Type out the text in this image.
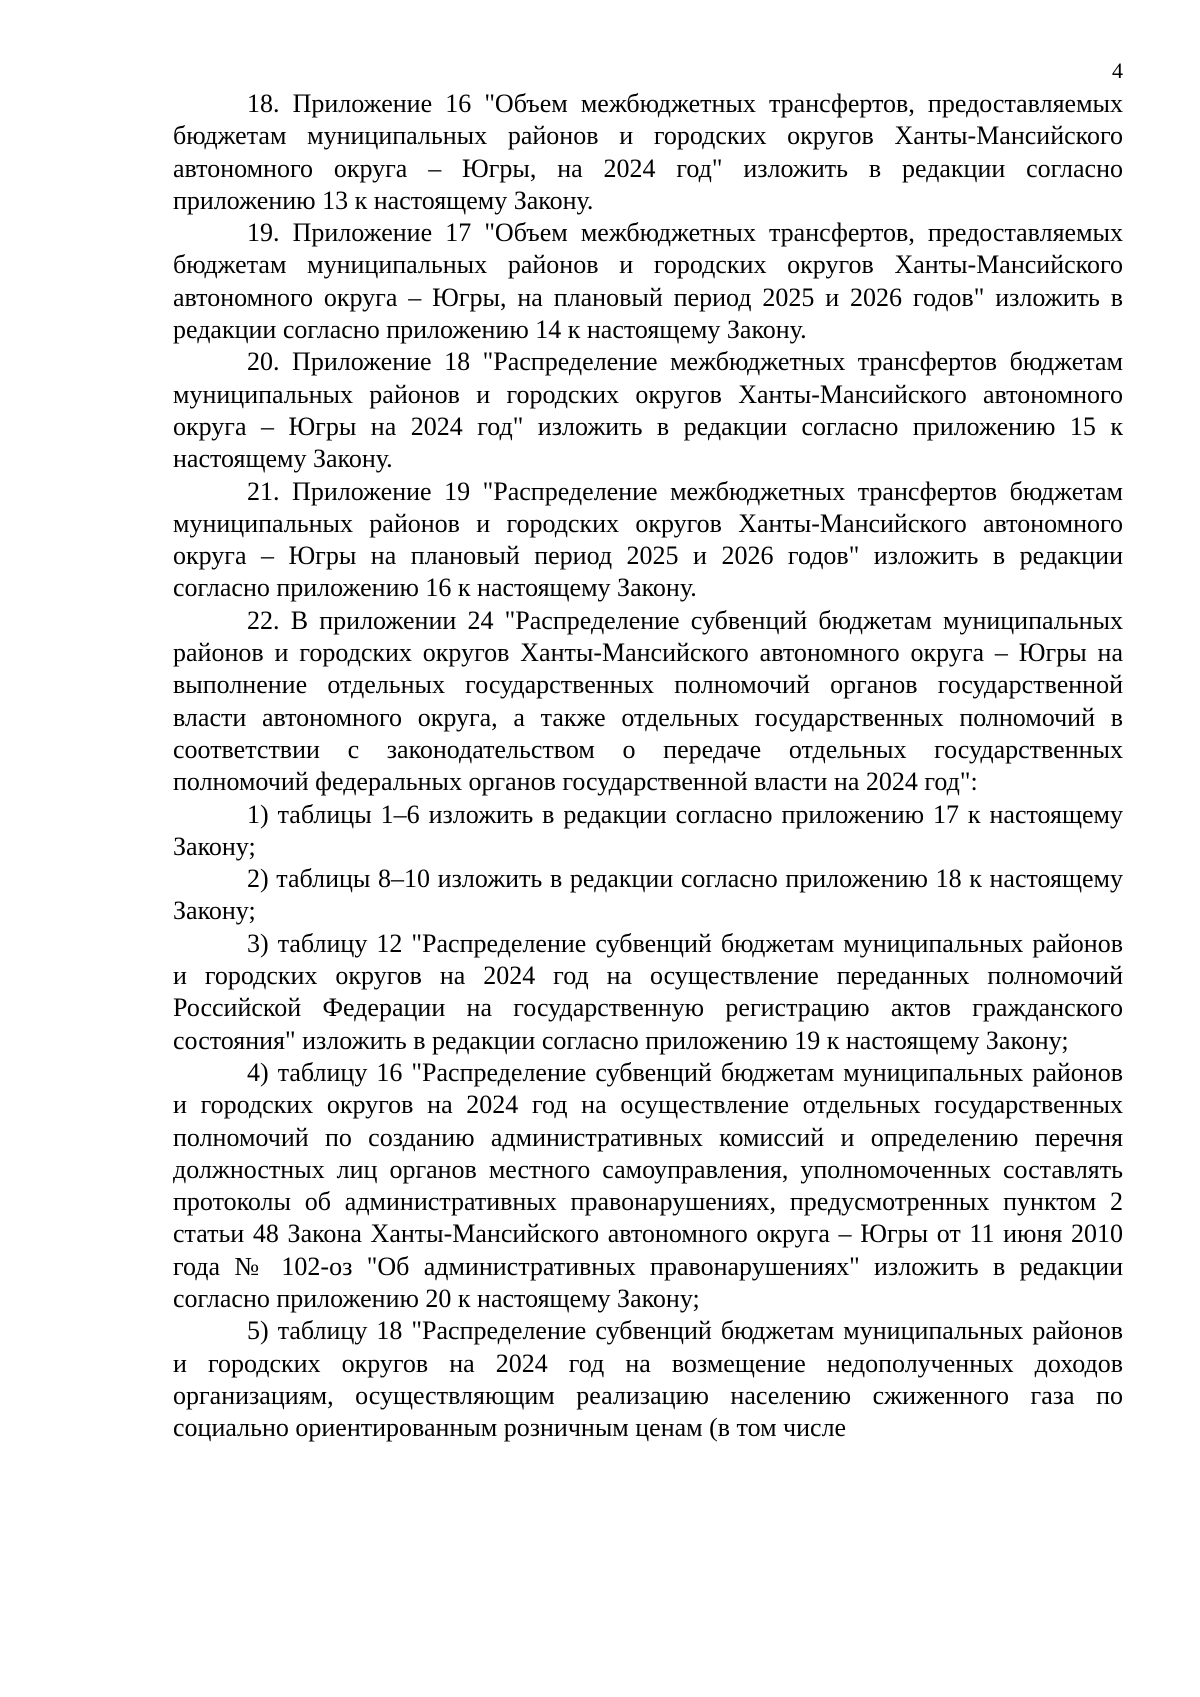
4

18. Приложение 16 "Объем межбюджетных трансфертов, предоставляемых бюджетам муниципальных районов и городских округов Ханты-Мансийского автономного округа – Югры, на 2024 год" изложить в редакции согласно приложению 13 к настоящему Закону.

19. Приложение 17 "Объем межбюджетных трансфертов, предоставляемых бюджетам муниципальных районов и городских округов Ханты-Мансийского автономного округа – Югры, на плановый период 2025 и 2026 годов" изложить в редакции согласно приложению 14 к настоящему Закону.

20. Приложение 18 "Распределение межбюджетных трансфертов бюджетам муниципальных районов и городских округов Ханты-Мансийского автономного округа – Югры на 2024 год" изложить в редакции согласно приложению 15 к настоящему Закону.

21. Приложение 19 "Распределение межбюджетных трансфертов бюджетам муниципальных районов и городских округов Ханты-Мансийского автономного округа – Югры на плановый период 2025 и 2026 годов" изложить в редакции согласно приложению 16 к настоящему Закону.

22. В приложении 24 "Распределение субвенций бюджетам муниципальных районов и городских округов Ханты-Мансийского автономного округа – Югры на выполнение отдельных государственных полномочий органов государственной власти автономного округа, а также отдельных государственных полномочий в соответствии с законодательством о передаче отдельных государственных полномочий федеральных органов государственной власти на 2024 год":

1) таблицы 1–6 изложить в редакции согласно приложению 17 к настоящему Закону;

2) таблицы 8–10 изложить в редакции согласно приложению 18 к настоящему Закону;

3) таблицу 12 "Распределение субвенций бюджетам муниципальных районов и городских округов на 2024 год на осуществление переданных полномочий Российской Федерации на государственную регистрацию актов гражданского состояния" изложить в редакции согласно приложению 19 к настоящему Закону;

4) таблицу 16 "Распределение субвенций бюджетам муниципальных районов и городских округов на 2024 год на осуществление отдельных государственных полномочий по созданию административных комиссий и определению перечня должностных лиц органов местного самоуправления, уполномоченных составлять протоколы об административных правонарушениях, предусмотренных пунктом 2 статьи 48 Закона Ханты-Мансийского автономного округа – Югры от 11 июня 2010 года № 102-оз "Об административных правонарушениях" изложить в редакции согласно приложению 20 к настоящему Закону;

5) таблицу 18 "Распределение субвенций бюджетам муниципальных районов и городских округов на 2024 год на возмещение недополученных доходов организациям, осуществляющим реализацию населению сжиженного газа по социально ориентированным розничным ценам (в том числе
